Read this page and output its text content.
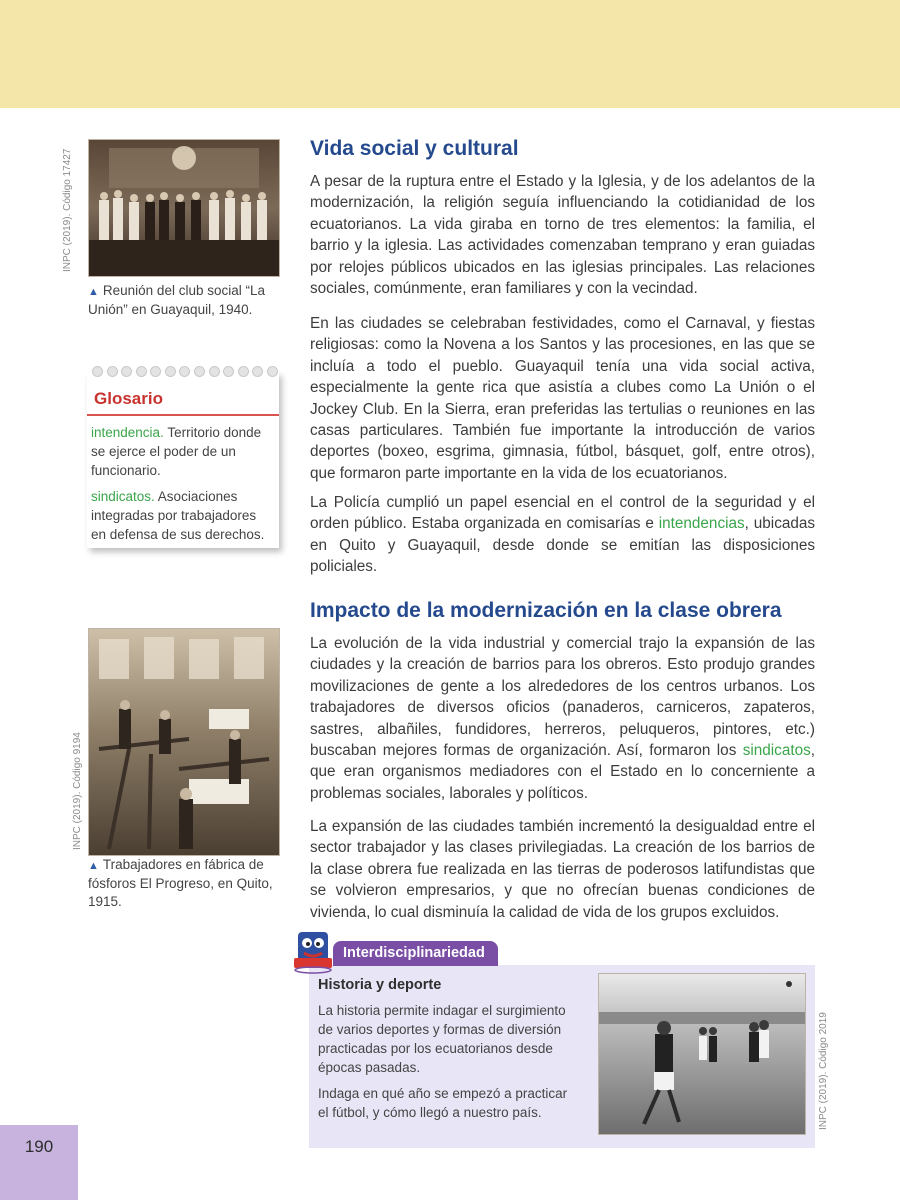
INPC (2019). Código 17427
▲ Reunión del club social “La Unión” en Guayaquil, 1940.
Glosario
intendencia. Territorio donde se ejerce el poder de un funcionario.
sindicatos. Asociaciones integradas por trabajadores en defensa de sus derechos.
INPC (2019). Código 9194
▲ Trabajadores en fábrica de fósforos El Progreso, en Quito, 1915.
Vida social y cultural

A pesar de la ruptura entre el Estado y la Iglesia, y de los adelantos de la modernización, la religión seguía influenciando la cotidianidad de los ecuatorianos. La vida giraba en torno de tres elementos: la familia, el barrio y la iglesia. Las actividades comenzaban temprano y eran guiadas por relojes públicos ubicados en las iglesias principales. Las relaciones sociales, comúnmente, eran familiares y con la vecindad.

En las ciudades se celebraban festividades, como el Carnaval, y fiestas religiosas: como la Novena a los Santos y las procesiones, en las que se incluía a todo el pueblo. Guayaquil tenía una vida social activa, especialmente la gente rica que asistía a clubes como La Unión o el Jockey Club. En la Sierra, eran preferidas las tertulias o reuniones en las casas particulares. También fue importante la introducción de varios deportes (boxeo, esgrima, gimnasia, fútbol, básquet, golf, entre otros), que formaron parte importante en la vida de los ecuatorianos.

La Policía cumplió un papel esencial en el control de la seguridad y el orden público. Estaba organizada en comisarías e intendencias, ubicadas en Quito y Guayaquil, desde donde se emitían las disposiciones policiales.

Impacto de la modernización en la clase obrera

La evolución de la vida industrial y comercial trajo la expansión de las ciudades y la creación de barrios para los obreros. Esto produjo grandes movilizaciones de gente a los alrededores de los centros urbanos. Los trabajadores de diversos oficios (panaderos, carniceros, zapateros, sastres, albañiles, fundidores, herreros, peluqueros, pintores, etc.) buscaban mejores formas de organización. Así, formaron los sindicatos, que eran organismos mediadores con el Estado en lo concerniente a problemas sociales, laborales y políticos.

La expansión de las ciudades también incrementó la desigualdad entre el sector trabajador y las clases privilegiadas. La creación de los barrios de la clase obrera fue realizada en las tierras de poderosos latifundistas que se volvieron empresarios, y que no ofrecían buenas condiciones de vivienda, lo cual disminuía la calidad de vida de los grupos excluidos.

Interdisciplinariedad
Historia y deporte

La historia permite indagar el surgimiento de varios deportes y formas de diversión practicadas por los ecuatorianos desde épocas pasadas.

Indaga en qué año se empezó a practicar el fútbol, y cómo llegó a nuestro país.	INPC (2019). Código 2019
190
